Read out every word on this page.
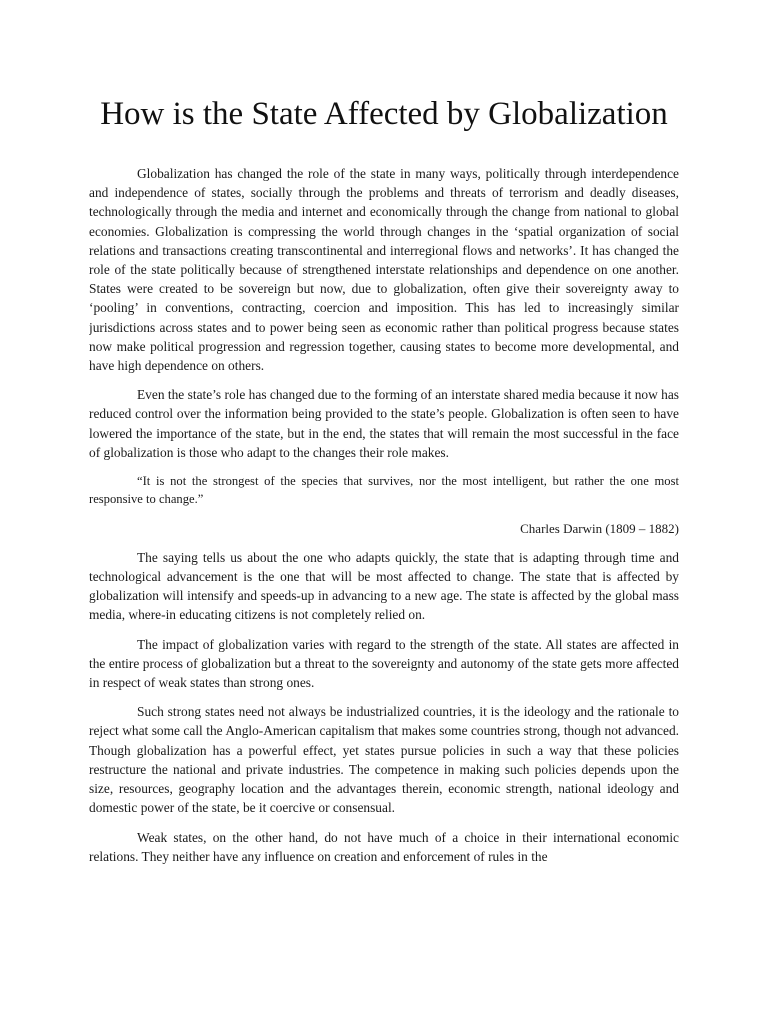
How is the State Affected by Globalization

Globalization has changed the role of the state in many ways, politically through interdependence and independence of states, socially through the problems and threats of terrorism and deadly diseases, technologically through the media and internet and economically through the change from national to global economies. Globalization is compressing the world through changes in the ‘spatial organization of social relations and transactions creating transcontinental and interregional flows and networks’. It has changed the role of the state politically because of strengthened interstate relationships and dependence on one another. States were created to be sovereign but now, due to globalization, often give their sovereignty away to ‘pooling’ in conventions, contracting, coercion and imposition. This has led to increasingly similar jurisdictions across states and to power being seen as economic rather than political progress because states now make political progression and regression together, causing states to become more developmental, and have high dependence on others.

Even the state’s role has changed due to the forming of an interstate shared media because it now has reduced control over the information being provided to the state’s people. Globalization is often seen to have lowered the importance of the state, but in the end, the states that will remain the most successful in the face of globalization is those who adapt to the changes their role makes.

“It is not the strongest of the species that survives, nor the most intelligent, but rather the one most responsive to change.”

Charles Darwin (1809 – 1882)

The saying tells us about the one who adapts quickly, the state that is adapting through time and technological advancement is the one that will be most affected to change. The state that is affected by globalization will intensify and speeds-up in advancing to a new age. The state is affected by the global mass media, where-in educating citizens is not completely relied on.

The impact of globalization varies with regard to the strength of the state. All states are affected in the entire process of globalization but a threat to the sovereignty and autonomy of the state gets more affected in respect of weak states than strong ones.

Such strong states need not always be industrialized countries, it is the ideology and the rationale to reject what some call the Anglo-American capitalism that makes some countries strong, though not advanced. Though globalization has a powerful effect, yet states pursue policies in such a way that these policies restructure the national and private industries. The competence in making such policies depends upon the size, resources, geography location and the advantages therein, economic strength, national ideology and domestic power of the state, be it coercive or consensual.

Weak states, on the other hand, do not have much of a choice in their international economic relations. They neither have any influence on creation and enforcement of rules in the
